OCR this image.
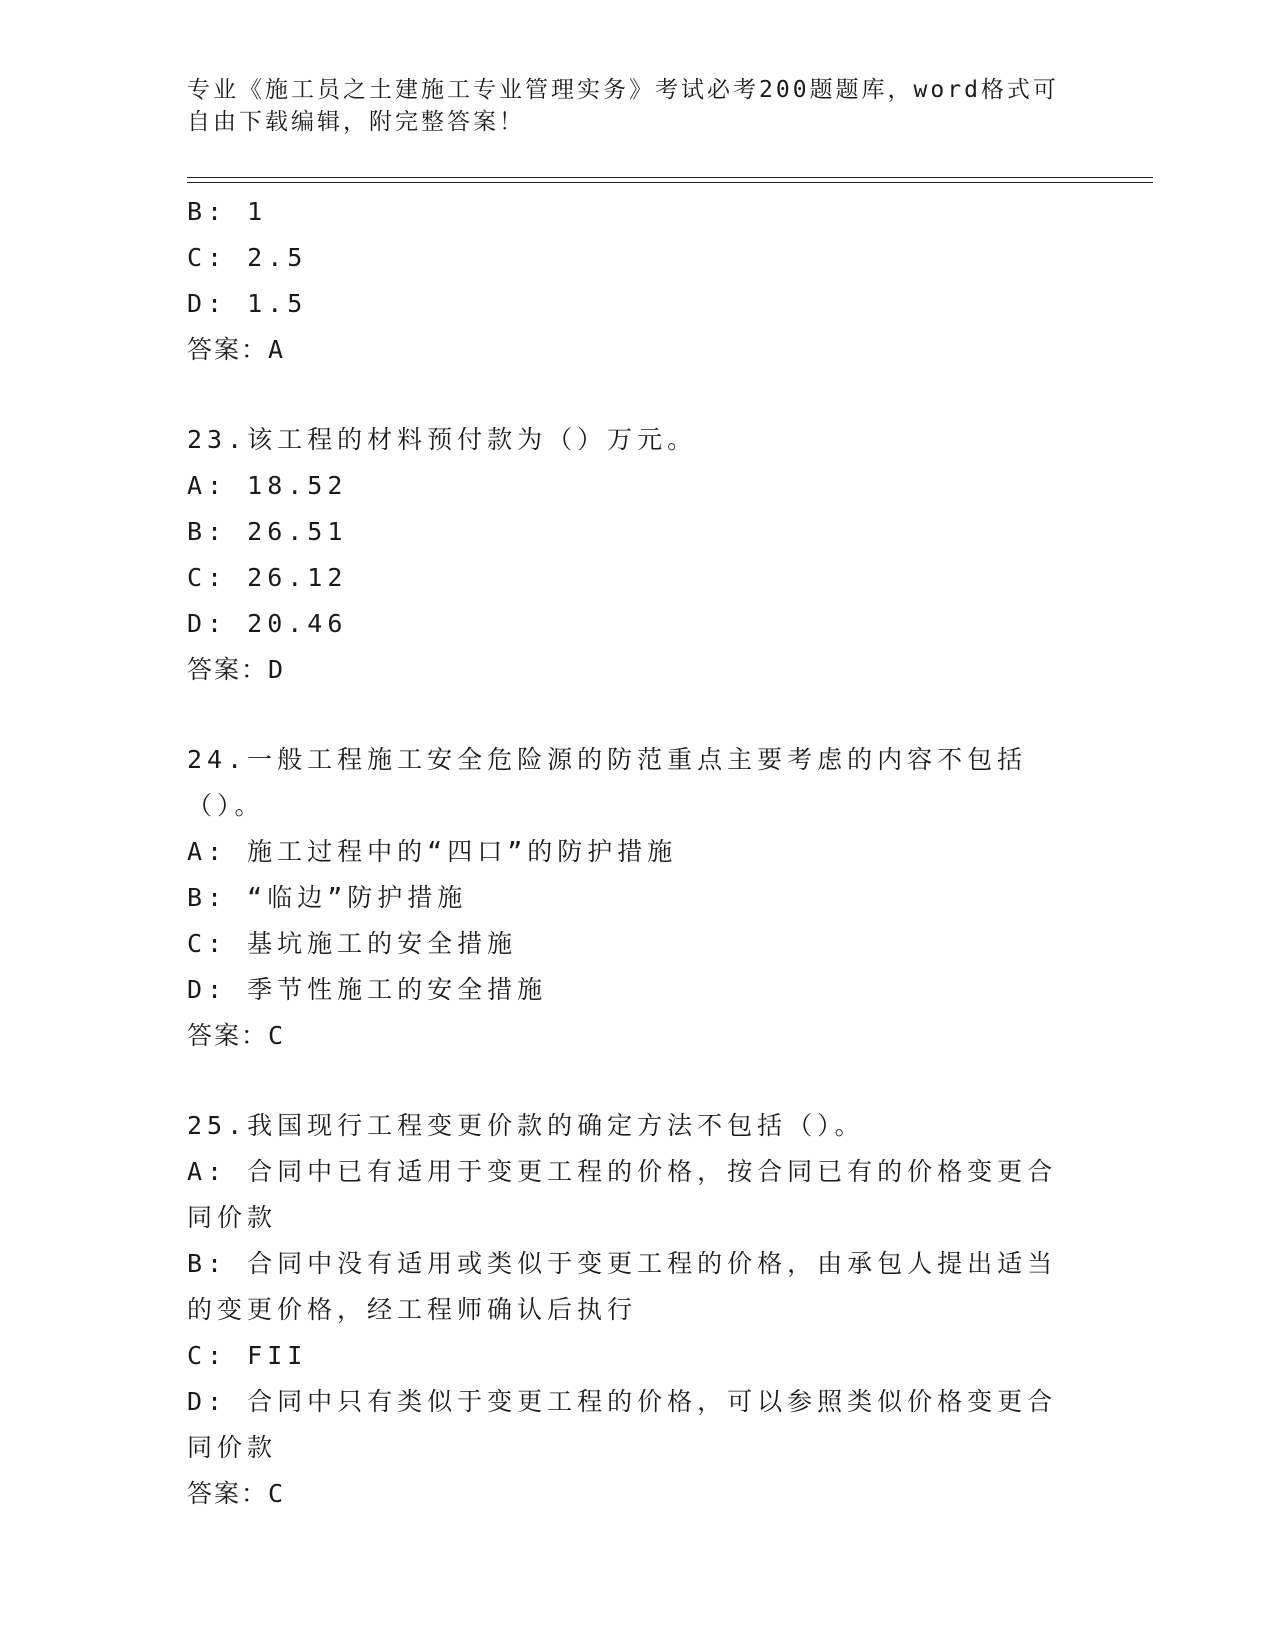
专业《施工员之土建施工专业管理实务》考试必考200题题库，word格式可自由下载编辑，附完整答案！

B: 1

C: 2.5

D: 1.5

答案：A

23.该工程的材料预付款为（）万元。

A: 18.52

B: 26.51

C: 26.12

D: 20.46

答案：D

24.一般工程施工安全危险源的防范重点主要考虑的内容不包括（）。

A: 施工过程中的“四口”的防护措施

B: “临边”防护措施

C: 基坑施工的安全措施

D: 季节性施工的安全措施

答案：C

25.我国现行工程变更价款的确定方法不包括（）。

A: 合同中已有适用于变更工程的价格，按合同已有的价格变更合同价款

B: 合同中没有适用或类似于变更工程的价格，由承包人提出适当的变更价格，经工程师确认后执行

C: FII

D: 合同中只有类似于变更工程的价格，可以参照类似价格变更合同价款

答案：C
